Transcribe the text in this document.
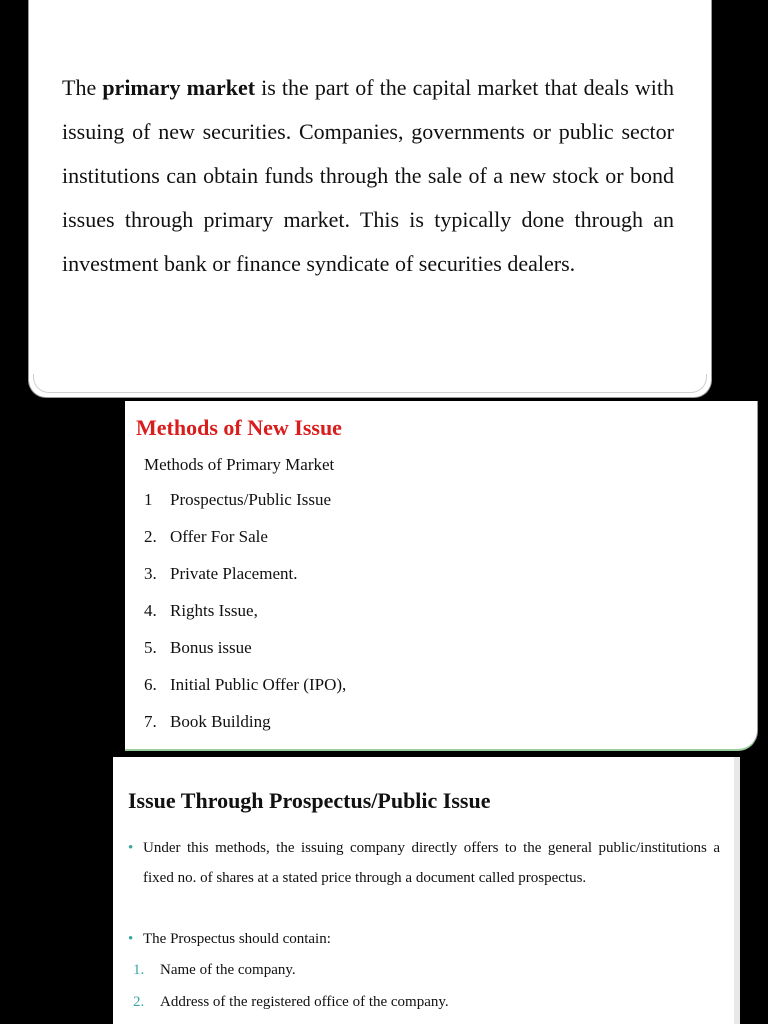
The primary market is the part of the capital market that deals with issuing of new securities. Companies, governments or public sector institutions can obtain funds through the sale of a new stock or bond issues through primary market. This is typically done through an investment bank or finance syndicate of securities dealers.

Methods of New Issue

Methods of Primary Market

1 Prospectus/Public Issue
2. Offer For Sale
3. Private Placement.
4. Rights Issue,
5. Bonus issue
6. Initial Public Offer (IPO),
7. Book Building
Issue Through Prospectus/Public Issue
• Under this methods, the issuing company directly offers to the general public/institutions a fixed no. of shares at a stated price through a document called prospectus.
• The Prospectus should contain:
1. Name of the company.
2. Address of the registered office of the company.
